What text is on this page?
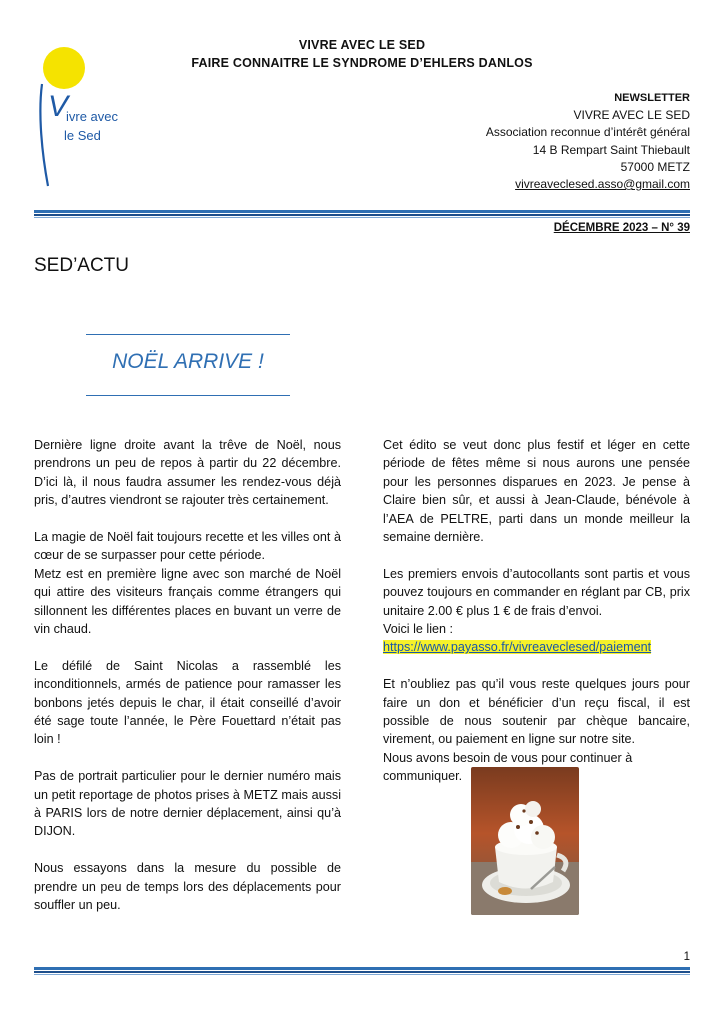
V
ivre avec
le Sed
VIVRE AVEC LE SED
FAIRE CONNAITRE LE SYNDROME D’EHLERS DANLOS
NEWSLETTER
VIVRE AVEC LE SED
Association reconnue d’intérêt général
14 B Rempart Saint Thiebault
57000 METZ
vivreaveclesed.asso@gmail.com
DÉCEMBRE 2023 – N° 39
SED’ACTU
NOËL ARRIVE !

Dernière ligne droite avant la trêve de Noël, nous prendrons un peu de repos à partir du 22 décembre. D’ici là, il nous faudra assumer les rendez-vous déjà pris, d’autres viendront se rajouter très certainement.

La magie de Noël fait toujours recette et les villes ont à cœur de se surpasser pour cette période.

Metz est en première ligne avec son marché de Noël qui attire des visiteurs français comme étrangers qui sillonnent les différentes places en buvant un verre de vin chaud.

Le défilé de Saint Nicolas a rassemblé les inconditionnels, armés de patience pour ramasser les bonbons jetés depuis le char, il était conseillé d’avoir été sage toute l’année, le Père Fouettard n’était pas loin !

Pas de portrait particulier pour le dernier numéro mais un petit reportage de photos prises à METZ mais aussi à PARIS lors de notre dernier déplacement, ainsi qu’à DIJON.

Nous essayons dans la mesure du possible de prendre un peu de temps lors des déplacements pour souffler un peu.

Cet édito se veut donc plus festif et léger en cette période de fêtes même si nous aurons une pensée pour les personnes disparues en 2023. Je pense à Claire bien sûr, et aussi à Jean-Claude, bénévole à l’AEA de PELTRE, parti dans un monde meilleur la semaine dernière.

Les premiers envois d’autocollants sont partis et vous pouvez toujours en commander en réglant par CB, prix unitaire 2.00 € plus 1 € de frais d’envoi.

Voici le lien :

https://www.payasso.fr/vivreaveclesed/paiement

Et n’oubliez pas qu’il vous reste quelques jours pour faire un don et bénéficier d’un reçu fiscal, il est possible de nous soutenir par chèque bancaire, virement, ou paiement en ligne sur notre site.

Nous avons besoin de vous pour continuer à communiquer.

1
